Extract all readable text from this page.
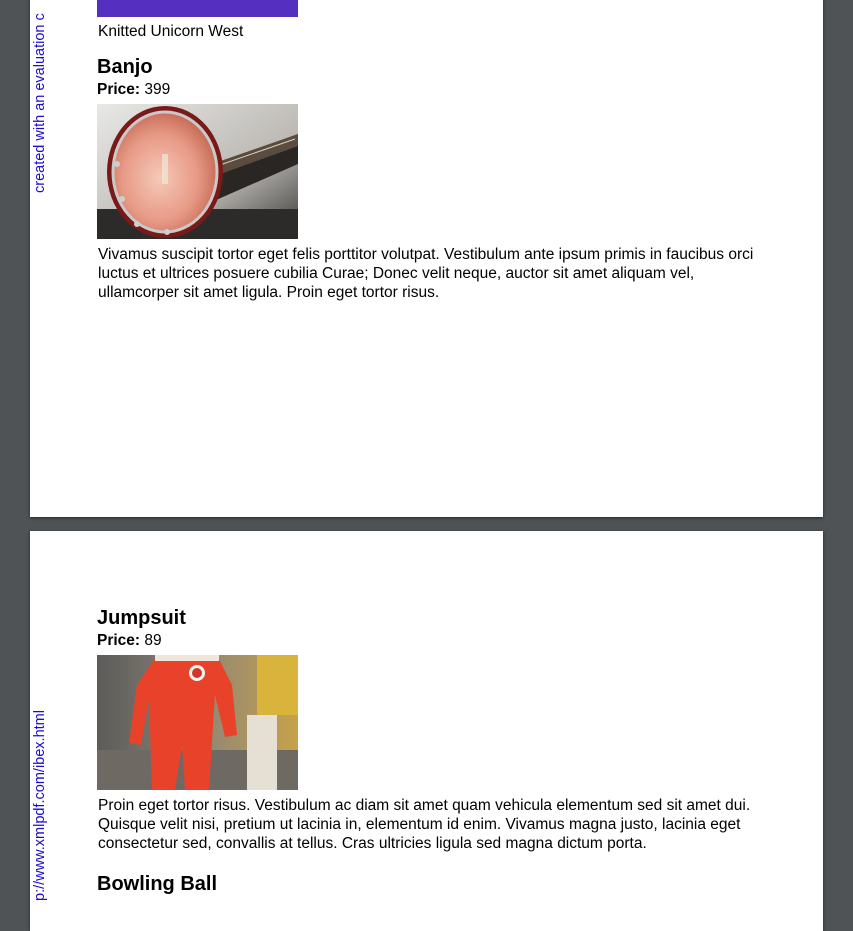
created with an evaluation c	Knitted Unicorn West
Banjo
Price: 399

Vivamus suscipit tortor eget felis porttitor volutpat. Vestibulum ante ipsum primis in faucibus orci luctus et ultrices posuere cubilia Curae; Donec velit neque, auctor sit amet aliquam vel, ullamcorper sit amet ligula. Proin eget tortor risus.

p://www.xmlpdf.com/ibex.html
Jumpsuit
Price: 89

Proin eget tortor risus. Vestibulum ac diam sit amet quam vehicula elementum sed sit amet dui. Quisque velit nisi, pretium ut lacinia in, elementum id enim. Vivamus magna justo, lacinia eget consectetur sed, convallis at tellus. Cras ultricies ligula sed magna dictum porta.

Bowling Ball
